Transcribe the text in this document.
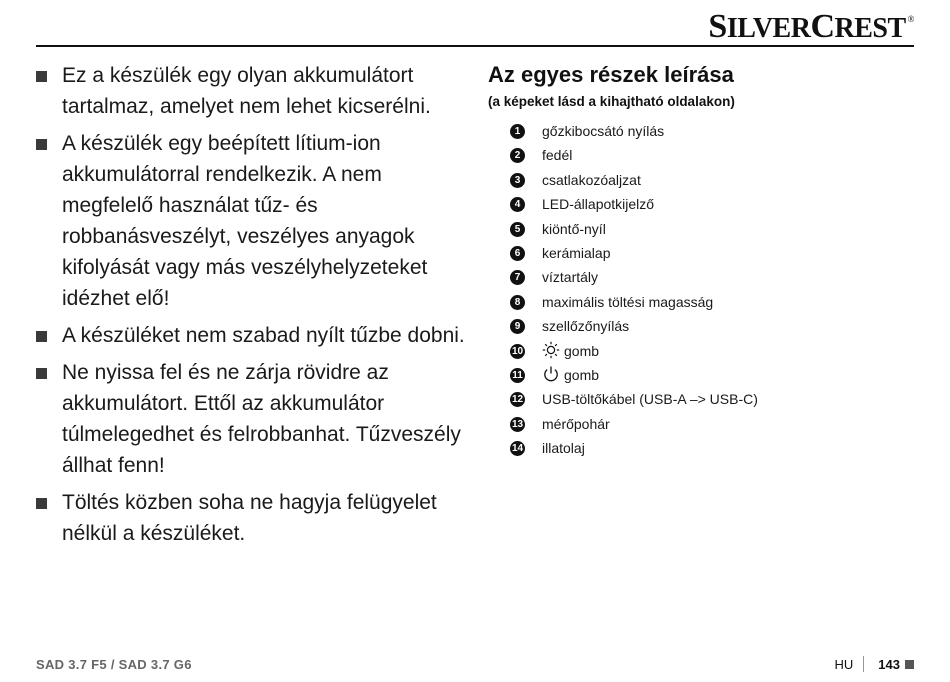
SILVERCREST ®
Ez a készülék egy olyan akkumulátort tartalmaz, amelyet nem lehet kicserélni.
A készülék egy beépített lítium-ion akkumulátorral rendelkezik. A nem megfelelő használat tűz- és robbanásveszélyt, veszélyes anyagok kifolyását vagy más veszélyhelyzeteket idézhet elő!
A készüléket nem szabad nyílt tűzbe dobni.
Ne nyissa fel és ne zárja rövidre az akkumulátort. Ettől az akkumulátor túlmelegedhet és felrobbanhat. Tűzveszély állhat fenn!
Töltés közben soha ne hagyja felügyelet nélkül a készüléket.
Az egyes részek leírása
(a képeket lásd a kihajtható oldalakon)
1	gőzkibocsátó nyílás
2	fedél
3	csatlakozóaljzat
4	LED-állapotkijelző
5	kiöntő-nyíl
6	kerámialap
7	víztartály
8	maximális töltési magasság
9	szellőzőnyílás
10	gomb
11	gomb
12 USB-töltőkábel (USB-A –> USB-C)
13 mérőpohár
14 illatolaj
SAD 3.7 F5 / SAD 3.7 G6	HU 143
